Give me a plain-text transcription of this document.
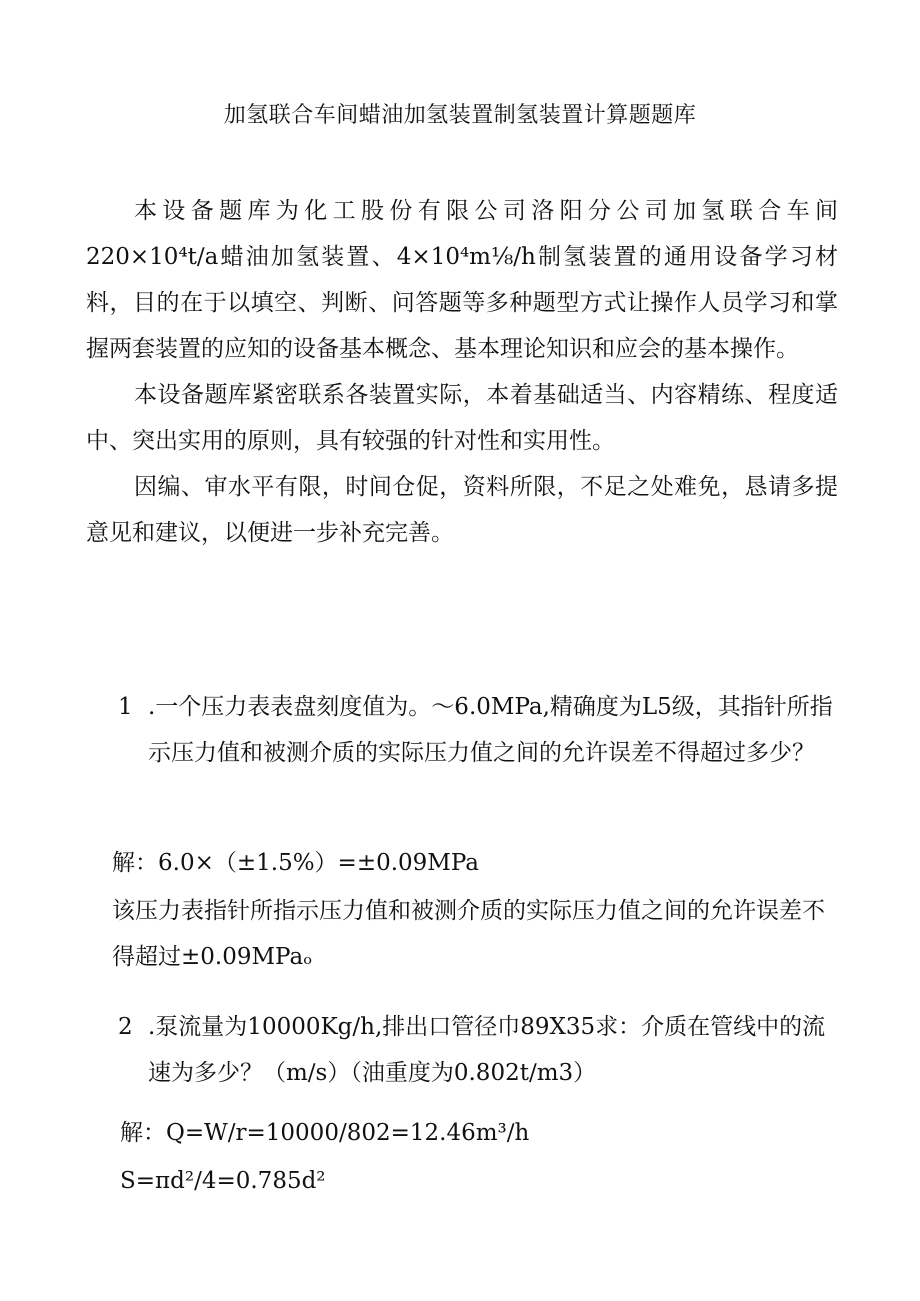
加氢联合车间蜡油加氢装置制氢装置计算题题库

本设备题库为化工股份有限公司洛阳分公司加氢联合车间220×10⁴t∕a蜡油加氢装置、4×10⁴m⅛/h制氢装置的通用设备学习材料，目的在于以填空、判断、问答题等多种题型方式让操作人员学习和掌握两套装置的应知的设备基本概念、基本理论知识和应会的基本操作。

本设备题库紧密联系各装置实际，本着基础适当、内容精练、程度适中、突出实用的原则，具有较强的针对性和实用性。

因编、审水平有限，时间仓促，资料所限，不足之处难免，恳请多提意见和建议，以便进一步补充完善。

1 .一个压力表表盘刻度值为。～6.0MPa,精确度为L5级，其指针所指示压力值和被测介质的实际压力值之间的允许误差不得超过多少？
解：6.0×（±1.5%）=±0.09MPa
该压力表指针所指示压力值和被测介质的实际压力值之间的允许误差不得超过±0.09MPaₒ
2 .泵流量为10000Kg∕h,排出口管径巾89X35求：介质在管线中的流速为多少？（m∕s）（油重度为0.802t∕m3）
解：Q=W/r=10000/802=12.46m³∕h
S=πd²/4=0.785d²
